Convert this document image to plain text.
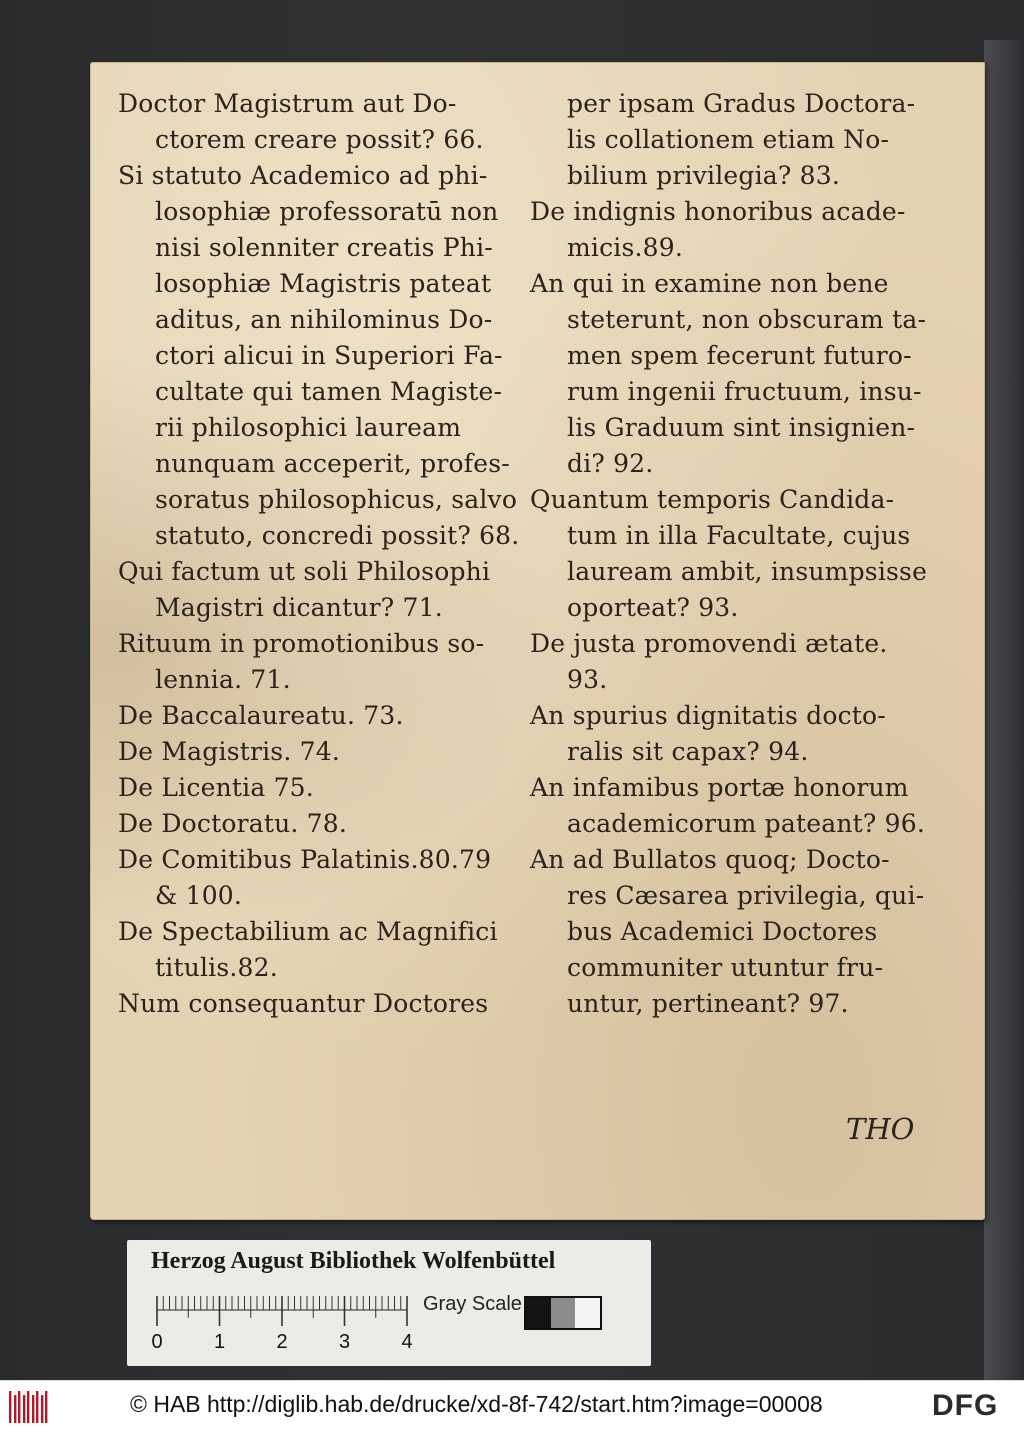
Doctor Magistrum aut Do-
ctorem creare possit? 66.
Si statuto Academico ad phi-
losophiæ professoratū non
nisi solenniter creatis Phi-
losophiæ Magistris pateat
aditus, an nihilominus Do-
ctori alicui in Superiori Fa-
cultate qui tamen Magiste-
rii philosophici lauream
nunquam acceperit, profes-
soratus philosophicus, salvo
statuto, concredi possit? 68.
Qui factum ut soli Philosophi
Magistri dicantur? 71.
Rituum in promotionibus so-
lennia. 71.
De Baccalaureatu. 73.
De Magistris. 74.
De Licentia 75.
De Doctoratu. 78.
De Comitibus Palatinis.80.79
& 100.
De Spectabilium ac Magnifici
titulis.82.
Num consequantur Doctores
per ipsam Gradus Doctora-
lis collationem etiam No-
bilium privilegia? 83.
De indignis honoribus acade-
micis.89.
An qui in examine non bene
steterunt, non obscuram ta-
men spem fecerunt futuro-
rum ingenii fructuum, insu-
lis Graduum sint insignien-
di? 92.
Quantum temporis Candida-
tum in illa Facultate, cujus
lauream ambit, insumpsisse
oporteat? 93.
De justa promovendi ætate.
93.
An spurius dignitatis docto-
ralis sit capax? 94.
An infamibus portæ honorum
academicorum pateant? 96.
An ad Bullatos quoq; Docto-
res Cæsarea privilegia, qui-
bus Academici Doctores
communiter utuntur fru-
untur, pertineant? 97.
THO
Herzog August Bibliothek Wolfenbüttel
0	1	2	3	4
Gray Scale
© HAB http://diglib.hab.de/drucke/xd-8f-742/start.htm?image=00008	DFG
